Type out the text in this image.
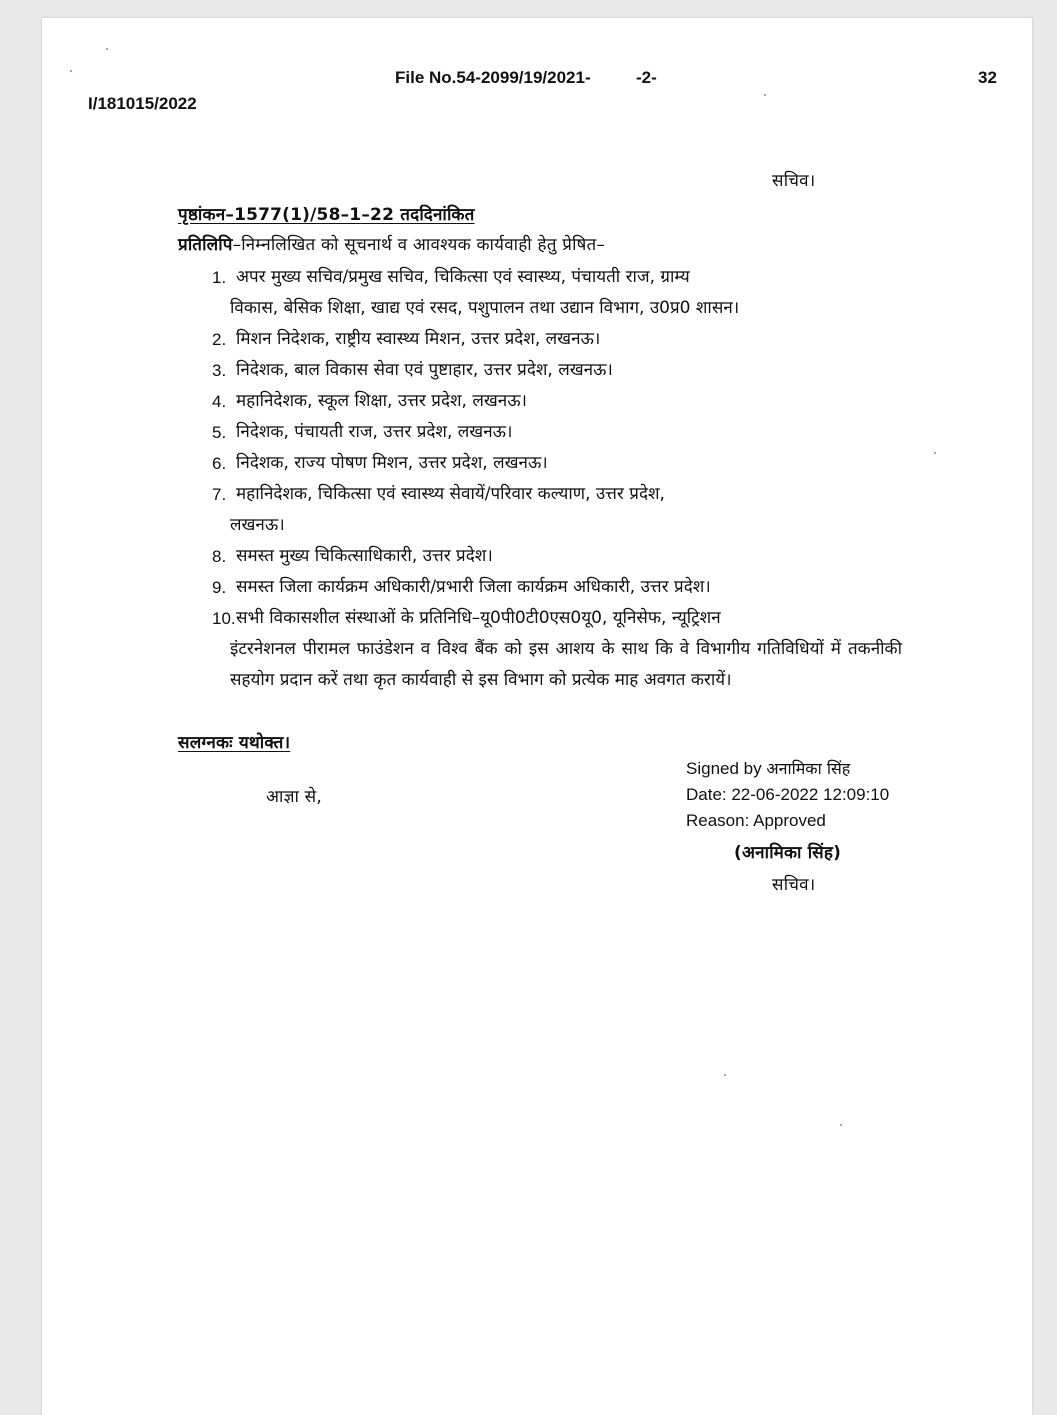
File No.54-2099/19/2021-	-2-	32
I/181015/2022
सचिव।
पृष्ठांकन–1577(1)/58–1–22 तददिनांकित
प्रतिलिपि–निम्नलिखित को सूचनार्थ व आवश्यक कार्यवाही हेतु प्रेषित–
1. अपर मुख्य सचिव/प्रमुख सचिव, चिकित्सा एवं स्वास्थ्य, पंचायती राज, ग्राम्य
विकास, बेसिक शिक्षा, खाद्य एवं रसद, पशुपालन तथा उद्यान विभाग, उ0प्र0 शासन।
2. मिशन निदेशक, राष्ट्रीय स्वास्थ्य मिशन, उत्तर प्रदेश, लखनऊ।
3. निदेशक, बाल विकास सेवा एवं पुष्टाहार, उत्तर प्रदेश, लखनऊ।
4. महानिदेशक, स्कूल शिक्षा, उत्तर प्रदेश, लखनऊ।
5. निदेशक, पंचायती राज, उत्तर प्रदेश, लखनऊ।
6. निदेशक, राज्य पोषण मिशन, उत्तर प्रदेश, लखनऊ।
7. महानिदेशक, चिकित्सा एवं स्वास्थ्य सेवायें/परिवार कल्याण, उत्तर प्रदेश,
लखनऊ।
8. समस्त मुख्य चिकित्साधिकारी, उत्तर प्रदेश।
9. समस्त जिला कार्यक्रम अधिकारी/प्रभारी जिला कार्यक्रम अधिकारी, उत्तर प्रदेश।
10. सभी विकासशील संस्थाओं के प्रतिनिधि–यू0पी0टी0एस0यू0, यूनिसेफ, न्यूट्रिशन
इंटरनेशनल पीरामल फाउंडेशन व विश्व बैंक को इस आशय के साथ कि वे विभागीय गतिविधियों में तकनीकी सहयोग प्रदान करें तथा कृत कार्यवाही से इस विभाग को प्रत्येक माह अवगत करायें।
सलग्नकः यथोक्त।
आज्ञा से,
Signed by अनामिका सिंह
Date: 22-06-2022 12:09:10
Reason: Approved
(अनामिका सिंह)
सचिव।
